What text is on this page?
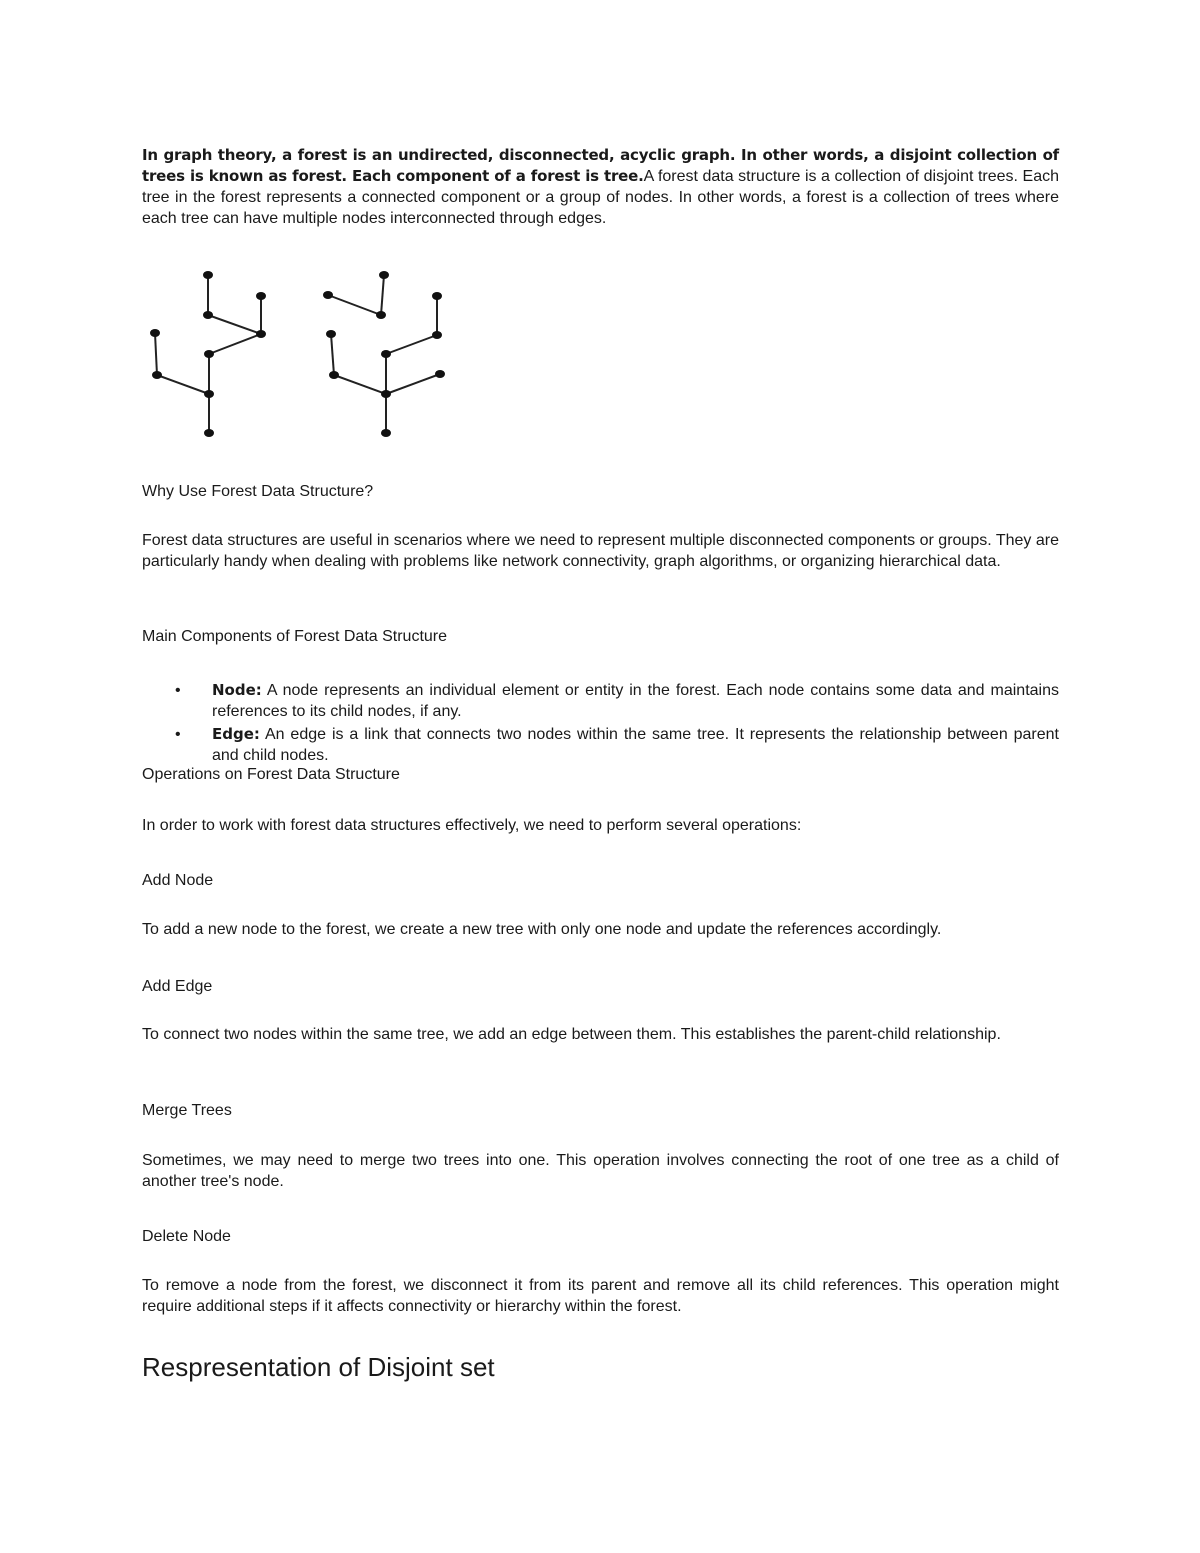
In graph theory, a forest is an undirected, disconnected, acyclic graph. In other words, a disjoint collection of trees is known as forest. Each component of a forest is tree.A forest data structure is a collection of disjoint trees. Each tree in the forest represents a connected component or a group of nodes. In other words, a forest is a collection of trees where each tree can have multiple nodes interconnected through edges.

Why Use Forest Data Structure?

Forest data structures are useful in scenarios where we need to represent multiple disconnected components or groups. They are particularly handy when dealing with problems like network connectivity, graph algorithms, or organizing hierarchical data.

Main Components of Forest Data Structure
• Node: A node represents an individual element or entity in the forest. Each node contains some data and maintains references to its child nodes, if any.
• Edge: An edge is a link that connects two nodes within the same tree. It represents the relationship between parent and child nodes.
Operations on Forest Data Structure
In order to work with forest data structures effectively, we need to perform several operations:
Add Node
To add a new node to the forest, we create a new tree with only one node and update the references accordingly.
Add Edge

To connect two nodes within the same tree, we add an edge between them. This establishes the parent-child relationship.

Merge Trees

Sometimes, we may need to merge two trees into one. This operation involves connecting the root of one tree as a child of another tree's node.

Delete Node

To remove a node from the forest, we disconnect it from its parent and remove all its child references. This operation might require additional steps if it affects connectivity or hierarchy within the forest.

Respresentation of Disjoint set
